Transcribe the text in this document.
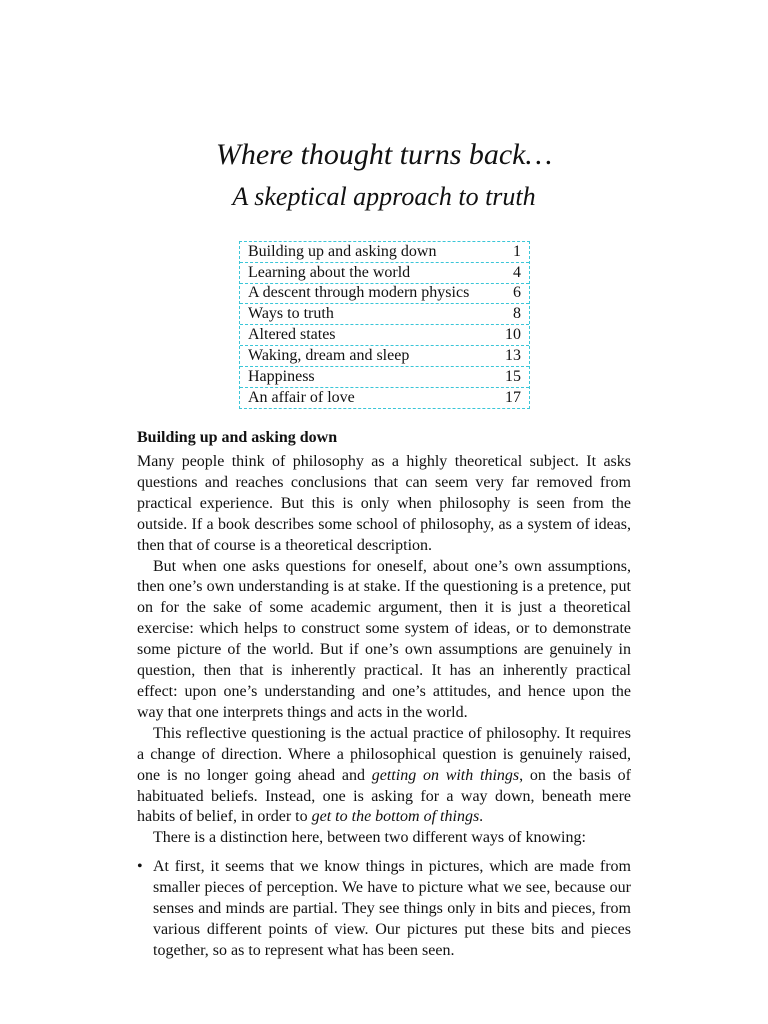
Where thought turns back…
A skeptical approach to truth
Building up and asking down	1
Learning about the world	4
A descent through modern physics	6
Ways to truth	8
Altered states	10
Waking, dream and sleep	13
Happiness	15
An affair of love	17
Building up and asking down

Many people think of philosophy as a highly theoretical subject. It asks questions and reaches conclusions that can seem very far removed from practical experience. But this is only when philosophy is seen from the outside. If a book describes some school of philosophy, as a system of ideas, then that of course is a theoretical description.

But when one asks questions for oneself, about one’s own assumptions, then one’s own understanding is at stake. If the questioning is a pretence, put on for the sake of some academic argument, then it is just a theoretical exercise: which helps to construct some system of ideas, or to demonstrate some picture of the world. But if one’s own assumptions are genuinely in question, then that is inherently practical. It has an inherently practical effect: upon one’s understanding and one’s attitudes, and hence upon the way that one interprets things and acts in the world.

This reflective questioning is the actual practice of philosophy. It requires a change of direction. Where a philosophical question is genuinely raised, one is no longer going ahead and getting on with things, on the basis of habituated beliefs. Instead, one is asking for a way down, beneath mere habits of belief, in order to get to the bottom of things.

There is a distinction here, between two different ways of knowing:

• At first, it seems that we know things in pictures, which are made from smaller pieces of perception. We have to picture what we see, because our senses and minds are partial. They see things only in bits and pieces, from various different points of view. Our pictures put these bits and pieces together, so as to represent what has been seen.
